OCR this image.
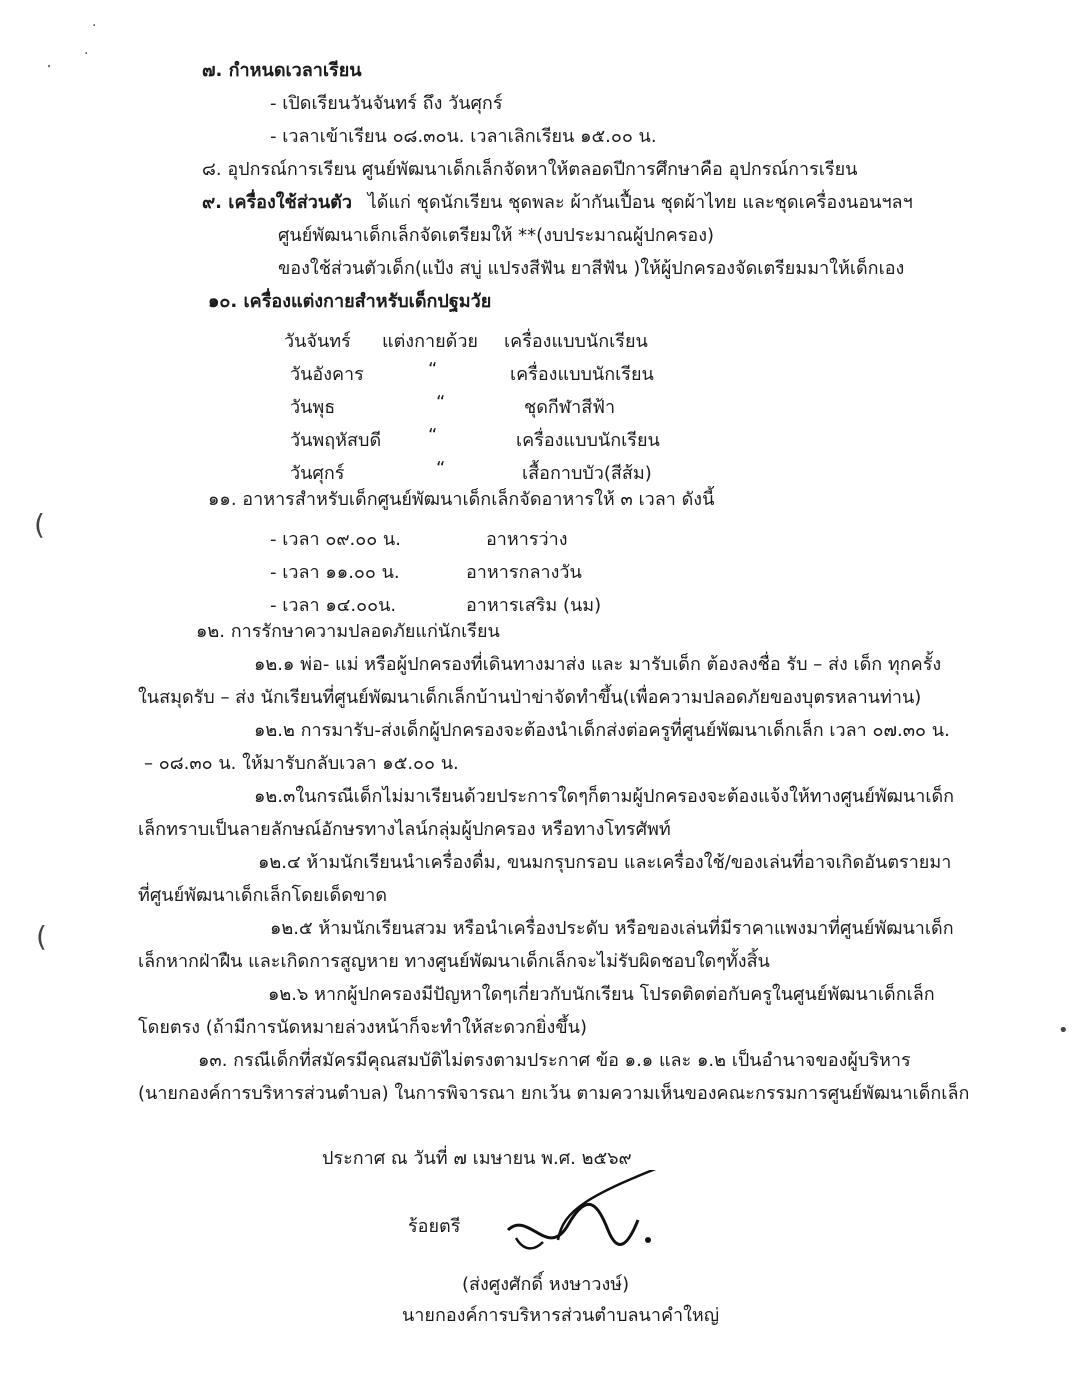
·
⸼ ·
(
(
•
๗. กำหนดเวลาเรียน
- เปิดเรียนวันจันทร์ ถึง วันศุกร์
- เวลาเข้าเรียน ๐๘.๓๐น. เวลาเลิกเรียน ๑๕.๐๐ น.
๘. อุปกรณ์การเรียน ศูนย์พัฒนาเด็กเล็กจัดหาให้ตลอดปีการศึกษาคือ อุปกรณ์การเรียน
๙. เครื่องใช้ส่วนตัว ได้แก่ ชุดนักเรียน ชุดพละ ผ้ากันเปื้อน ชุดผ้าไทย และชุดเครื่องนอนฯลฯ
ศูนย์พัฒนาเด็กเล็กจัดเตรียมให้ **(งบประมาณผู้ปกครอง)
ของใช้ส่วนตัวเด็ก(แป้ง สบู่ แปรงสีฟัน ยาสีฟัน )ให้ผู้ปกครองจัดเตรียมมาให้เด็กเอง
๑๐. เครื่องแต่งกายสำหรับเด็กปฐมวัย
วันจันทร์ แต่งกายด้วย เครื่องแบบนักเรียน
วันอังคาร	“	เครื่องแบบนักเรียน
วันพุธ	“	ชุดกีฬาสีฟ้า
วันพฤหัสบดี	“	เครื่องแบบนักเรียน
วันศุกร์	“	เสื้อกาบบัว(สีส้ม)
๑๑. อาหารสำหรับเด็กศูนย์พัฒนาเด็กเล็กจัดอาหารให้ ๓ เวลา ดังนี้
- เวลา ๐๙.๐๐ น.	อาหารว่าง
- เวลา ๑๑.๐๐ น.	อาหารกลางวัน
- เวลา ๑๔.๐๐น.	อาหารเสริม (นม)
๑๒. การรักษาความปลอดภัยแก่นักเรียน
๑๒.๑ พ่อ- แม่ หรือผู้ปกครองที่เดินทางมาส่ง และ มารับเด็ก ต้องลงชื่อ รับ – ส่ง เด็ก ทุกครั้ง
ในสมุดรับ – ส่ง นักเรียนที่ศูนย์พัฒนาเด็กเล็กบ้านป่าข่าจัดทำขึ้น(เพื่อความปลอดภัยของบุตรหลานท่าน)
๑๒.๒ การมารับ-ส่งเด็กผู้ปกครองจะต้องนำเด็กส่งต่อครูที่ศูนย์พัฒนาเด็กเล็ก เวลา ๐๗.๓๐ น.
– ๐๘.๓๐ น. ให้มารับกลับเวลา ๑๕.๐๐ น.
๑๒.๓ในกรณีเด็กไม่มาเรียนด้วยประการใดๆก็ตามผู้ปกครองจะต้องแจ้งให้ทางศูนย์พัฒนาเด็ก
เล็กทราบเป็นลายลักษณ์อักษรทางไลน์กลุ่มผู้ปกครอง หรือทางโทรศัพท์
๑๒.๔ ห้ามนักเรียนนำเครื่องดื่ม, ขนมกรุบกรอบ และเครื่องใช้/ของเล่นที่อาจเกิดอันตรายมา
ที่ศูนย์พัฒนาเด็กเล็กโดยเด็ดขาด
๑๒.๕ ห้ามนักเรียนสวม หรือนำเครื่องประดับ หรือของเล่นที่มีราคาแพงมาที่ศูนย์พัฒนาเด็ก
เล็กหากฝ่าฝืน และเกิดการสูญหาย ทางศูนย์พัฒนาเด็กเล็กจะไม่รับผิดชอบใดๆทั้งสิ้น
๑๒.๖ หากผู้ปกครองมีปัญหาใดๆเกี่ยวกับนักเรียน โปรดติดต่อกับครูในศูนย์พัฒนาเด็กเล็ก
โดยตรง (ถ้ามีการนัดหมายล่วงหน้าก็จะทำให้สะดวกยิ่งขึ้น)
๑๓. กรณีเด็กที่สมัครมีคุณสมบัติไม่ตรงตามประกาศ ข้อ ๑.๑ และ ๑.๒ เป็นอำนาจของผู้บริหาร
(นายกองค์การบริหารส่วนตำบล) ในการพิจารณา ยกเว้น ตามความเห็นของคณะกรรมการศูนย์พัฒนาเด็กเล็ก
ประกาศ ณ วันที่ ๗ เมษายน พ.ศ. ๒๕๖๙
ร้อยตรี
(ส่งศูงศักดิ์ หงษาวงษ์)
นายกองค์การบริหารส่วนตำบลนาคำใหญ่
